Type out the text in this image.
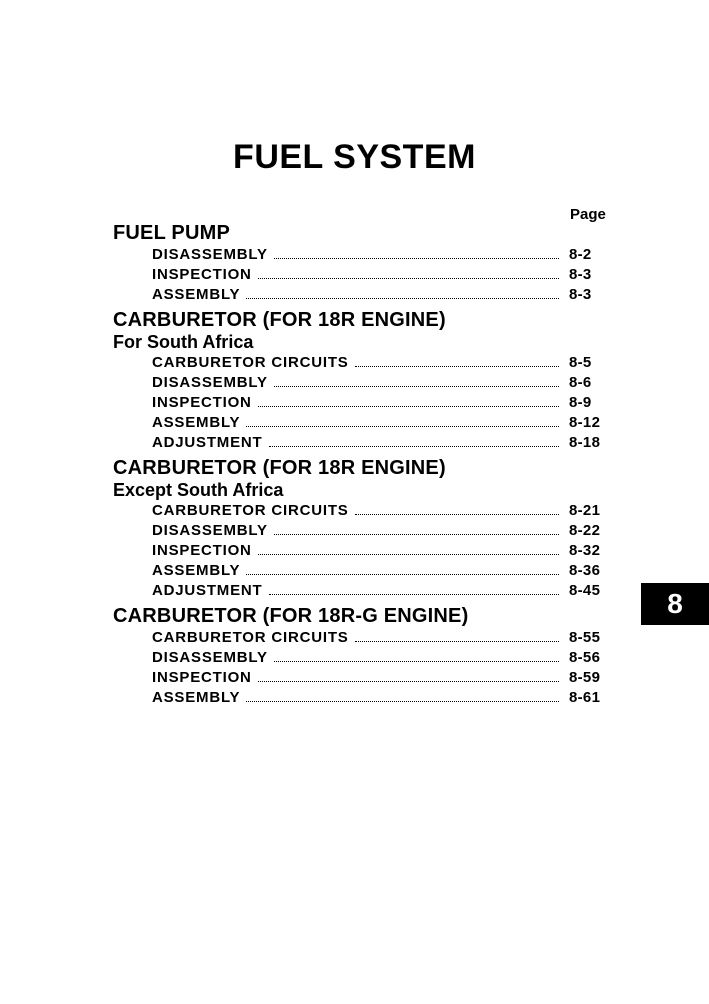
FUEL SYSTEM
Page
FUEL PUMP
DISASSEMBLY	8-2
INSPECTION	8-3
ASSEMBLY	8-3
CARBURETOR (FOR 18R ENGINE)
For South Africa
CARBURETOR CIRCUITS	8-5
DISASSEMBLY	8-6
INSPECTION	8-9
ASSEMBLY	8-12
ADJUSTMENT	8-18
CARBURETOR (FOR 18R ENGINE)
Except South Africa
CARBURETOR CIRCUITS	8-21
DISASSEMBLY	8-22
INSPECTION	8-32
ASSEMBLY	8-36
ADJUSTMENT	8-45
CARBURETOR (FOR 18R-G ENGINE)
CARBURETOR CIRCUITS	8-55
DISASSEMBLY	8-56
INSPECTION	8-59
ASSEMBLY	8-61
8
